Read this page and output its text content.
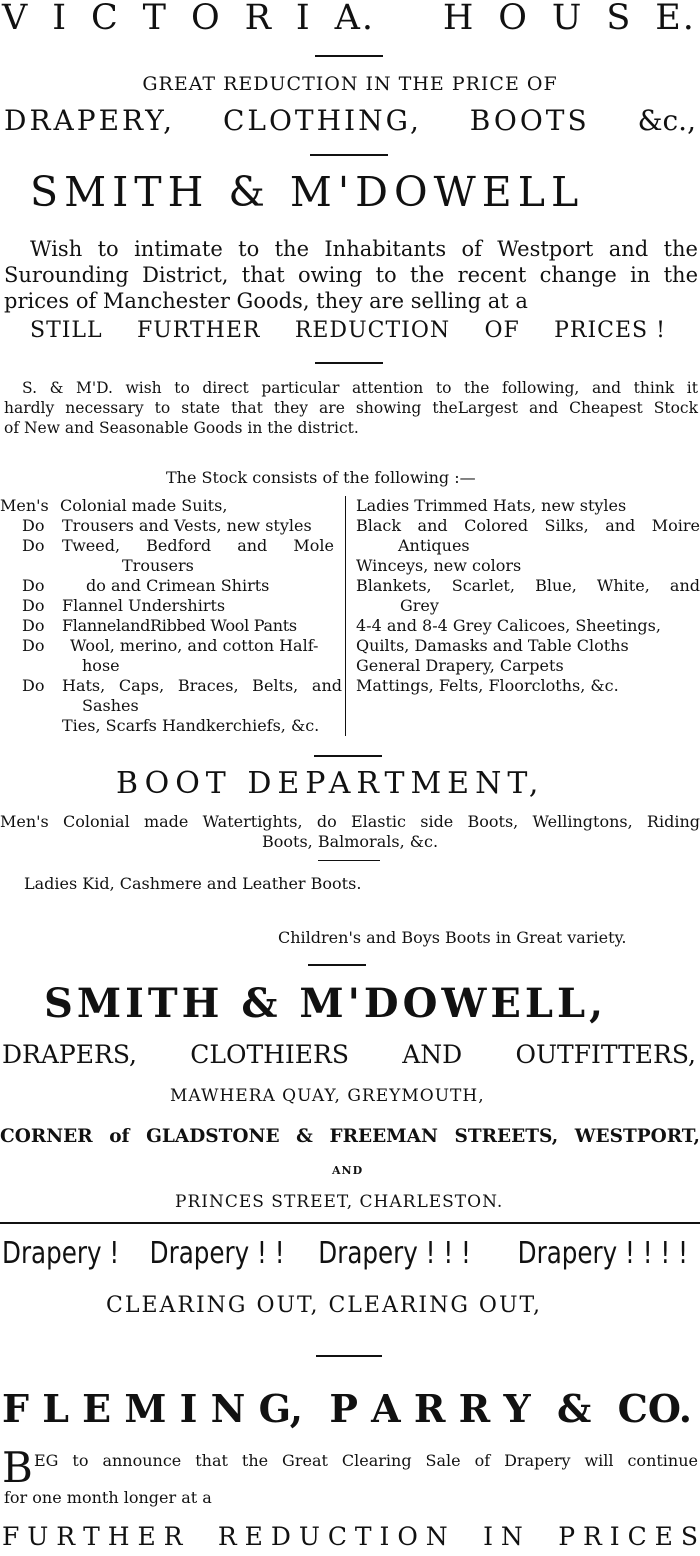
V I C T O R I A. H O U S E.
GREAT REDUCTION IN THE PRICE OF
DRAPERY, CLOTHING, BOOTS &c.,
SMITH & M'DOWELL
Wish to intimate to the Inhabitants of Westport and the
Surounding District, that owing to the recent change in the
prices of Manchester Goods, they are selling at a
STILL FURTHER REDUCTION OF PRICES !
S. & M'D. wish to direct particular attention to the following, and think it
hardly necessary to state that they are showing theLargest and Cheapest Stock
of New and Seasonable Goods in the district.
The Stock consists of the following :—
Men's Colonial made Suits,
Do	Trousers and Vests, new styles
Do	Tweed, Bedford and Mole
Trousers
Do	do and Crimean Shirts
Do	Flannel Undershirts
Do	FlannelandRibbed Wool Pants
Do	Wool, merino, and cotton Half-
hose
Do	Hats, Caps, Braces, Belts, and
Sashes
Ties, Scarfs Handkerchiefs, &c.
Ladies Trimmed Hats, new styles
Black and Colored Silks, and Moire
Antiques
Winceys, new colors
Blankets, Scarlet, Blue, White, and
Grey
4-4 and 8-4 Grey Calicoes, Sheetings,
Quilts, Damasks and Table Cloths
General Drapery, Carpets
Mattings, Felts, Floorcloths, &c.
BOOT DEPARTMENT,
Men's Colonial made Watertights, do Elastic side Boots, Wellingtons, Riding
Boots, Balmorals, &c.
Ladies Kid, Cashmere and Leather Boots.
Children's and Boys Boots in Great variety.
SMITH & M'DOWELL,
DRAPERS, CLOTHIERS AND OUTFITTERS,
MAWHERA QUAY, GREYMOUTH,
CORNER of GLADSTONE & FREEMAN STREETS, WESTPORT,
AND
PRINCES STREET, CHARLESTON.
Drapery ! Drapery ! ! Drapery ! ! ! Drapery ! ! ! !
CLEARING OUT, CLEARING OUT,
F L E M I N G, P A R R Y & CO.
B EG to announce that the Great Clearing Sale of Drapery will continue
for one month longer at a
F U R T H E R R E D U C T I O N I N P R I C E S
